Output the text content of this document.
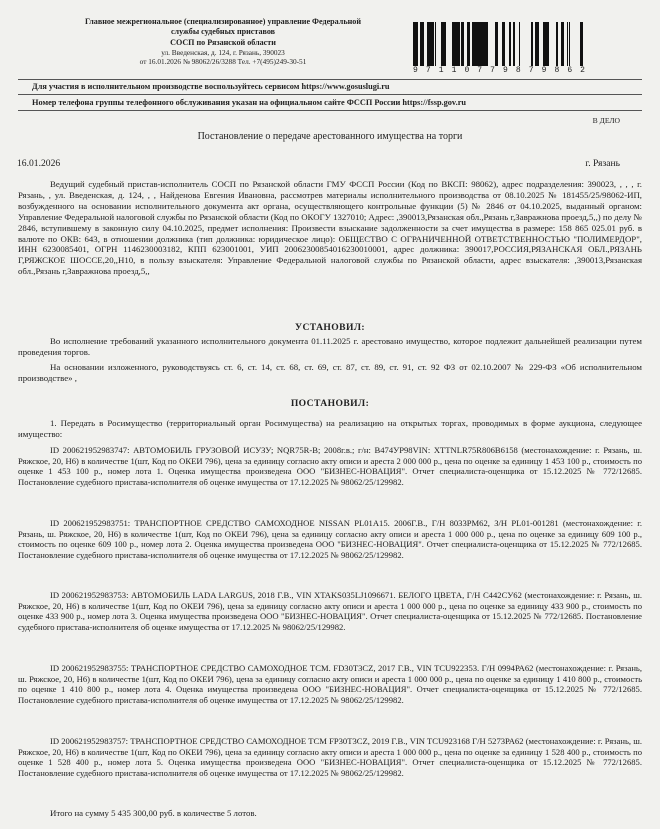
Главное межрегиональное (специализированное) управление Федеральной
службы судебных приставов
СОСП по Рязанской области
ул. Введенская, д. 124, г. Рязань, 390023
от 16.01.2026 № 98062/26/3288 Тел. +7(495)249-30-51
9 7 1 1 0 7 7 9 8 7 9 8 6 2
Для участия в исполнительном производстве воспользуйтесь сервисом https://www.gosuslugi.ru
Номер телефона группы телефонного обслуживания указан на официальном сайте ФССП России https://fssp.gov.ru
В ДЕЛО
Постановление о передаче арестованного имущества на торги
16.01.2026	г. Рязань
Ведущий судебный пристав-исполнитель СОСП по Рязанской области ГМУ ФССП России (Код по ВКСП: 98062), адрес подразделения: 390023, , , , г. Рязань, , ул. Введенская, д. 124, , , Найденова Евгения Ивановна, рассмотрев материалы исполнительного производства от 08.10.2025 № 181455/25/98062-ИП, возбужденного на основании исполнительного документа акт органа, осуществляющего контрольные функции (5) № 2846 от 04.10.2025, выданный органом: Управление Федеральной налоговой службы по Рязанской области (Код по ОКОГУ 1327010; Адрес: ,390013,Рязанская обл.,Рязань г,Завражнова проезд,5,,) по делу № 2846, вступившему в законную силу 04.10.2025, предмет исполнения: Произвести взыскание задолженности за счет имущества в размере: 158 865 025.01 руб. в валюте по ОКВ: 643, в отношении должника (тип должника: юридическое лицо): ОБЩЕСТВО С ОГРАНИЧЕННОЙ ОТВЕТСТВЕННОСТЬЮ "ПОЛИМЕРДОР", ИНН 6230085401, ОГРН 1146230003182, КПП 623001001, УИП 20062300854016230010001, адрес должника: 390017,РОССИЯ,РЯЗАНСКАЯ ОБЛ.,РЯЗАНЬ Г,РЯЖСКОЕ ШОССЕ,20,,Н10, в пользу взыскателя: Управление Федеральной налоговой службы по Рязанской области, адрес взыскателя: ,390013,Рязанская обл.,Рязань г,Завражнова проезд,5,,
УСТАНОВИЛ:
Во исполнение требований указанного исполнительного документа 01.11.2025 г. арестовано имущество, которое подлежит дальнейшей реализации путем проведения торгов.
На основании изложенного, руководствуясь ст. 6, ст. 14, ст. 68, ст. 69, ст. 87, ст. 89, ст. 91, ст. 92 ФЗ от 02.10.2007 № 229-ФЗ «Об исполнительном производстве» ,
ПОСТАНОВИЛ:
1. Передать в Росимущество (территориальный орган Росимущества) на реализацию на открытых торгах, проводимых в форме аукциона, следующее имущество:
ID 200621952983747: АВТОМОБИЛЬ ГРУЗОВОЙ ИСУЗУ; NQR75R-B; 2008г.в.; г/н: В474УР98VIN: XTTNLR75R806B6158 (местонахождение: г. Рязань, ш. Ряжское, 20, Н6) в количестве 1(шт, Код по ОКЕИ 796), цена за единицу согласно акту описи и ареста 2 000 000 р., цена по оценке за единицу 1 453 100 р., стоимость по оценке 1 453 100 р., номер лота 1. Оценка имущества произведена ООО "БИЗНЕС-НОВАЦИЯ". Отчет специалиста-оценщика от 15.12.2025 № 772/12685. Постановление судебного пристава-исполнителя об оценке имущества от 17.12.2025 № 98062/25/129982.
ID 200621952983751: ТРАНСПОРТНОЕ СРЕДСТВО САМОХОДНОЕ NISSAN PL01A15. 2006Г.В., Г/Н 8033РМ62, З/Н PL01-001281 (местонахождение: г. Рязань, ш. Ряжское, 20, Н6) в количестве 1(шт, Код по ОКЕИ 796), цена за единицу согласно акту описи и ареста 1 000 000 р., цена по оценке за единицу 609 100 р., стоимость по оценке 609 100 р., номер лота 2. Оценка имущества произведена ООО "БИЗНЕС-НОВАЦИЯ". Отчет специалиста-оценщика от 15.12.2025 № 772/12685. Постановление судебного пристава-исполнителя об оценке имущества от 17.12.2025 № 98062/25/129982.
ID 200621952983753: АВТОМОБИЛЬ LADA LARGUS, 2018 Г.В., VIN XTAKS035LJ1096671. БЕЛОГО ЦВЕТА, Г/Н С442СУ62 (местонахождение: г. Рязань, ш. Ряжское, 20, Н6) в количестве 1(шт, Код по ОКЕИ 796), цена за единицу согласно акту описи и ареста 1 000 000 р., цена по оценке за единицу 433 900 р., стоимость по оценке 433 900 р., номер лота 3. Оценка имущества произведена ООО "БИЗНЕС-НОВАЦИЯ". Отчет специалиста-оценщика от 15.12.2025 № 772/12685. Постановление судебного пристава-исполнителя об оценке имущества от 17.12.2025 № 98062/25/129982.
ID 200621952983755: ТРАНСПОРТНОЕ СРЕДСТВО САМОХОДНОЕ ТСМ. FD30T3CZ, 2017 Г.В., VIN TCU922353. Г/Н 0994РА62 (местонахождение: г. Рязань, ш. Ряжское, 20, Н6) в количестве 1(шт, Код по ОКЕИ 796), цена за единицу согласно акту описи и ареста 1 000 000 р., цена по оценке за единицу 1 410 800 р., стоимость по оценке 1 410 800 р., номер лота 4. Оценка имущества произведена ООО "БИЗНЕС-НОВАЦИЯ". Отчет специалиста-оценщика от 15.12.2025 № 772/12685. Постановление судебного пристава-исполнителя об оценке имущества от 17.12.2025 № 98062/25/129982.
ID 200621952983757: ТРАНСПОРТНОЕ СРЕДСТВО САМОХОДНОЕ ТСМ FP30T3CZ, 2019 Г.В., VIN TCU923168 Г/Н 5273РА62 (местонахождение: г. Рязань, ш. Ряжское, 20, Н6) в количестве 1(шт, Код по ОКЕИ 796), цена за единицу согласно акту описи и ареста 1 000 000 р., цена по оценке за единицу 1 528 400 р., стоимость по оценке 1 528 400 р., номер лота 5. Оценка имущества произведена ООО "БИЗНЕС-НОВАЦИЯ". Отчет специалиста-оценщика от 15.12.2025 № 772/12685. Постановление судебного пристава-исполнителя об оценке имущества от 17.12.2025 № 98062/25/129982.
Итого на сумму 5 435 300,00 руб. в количестве 5 лотов.
